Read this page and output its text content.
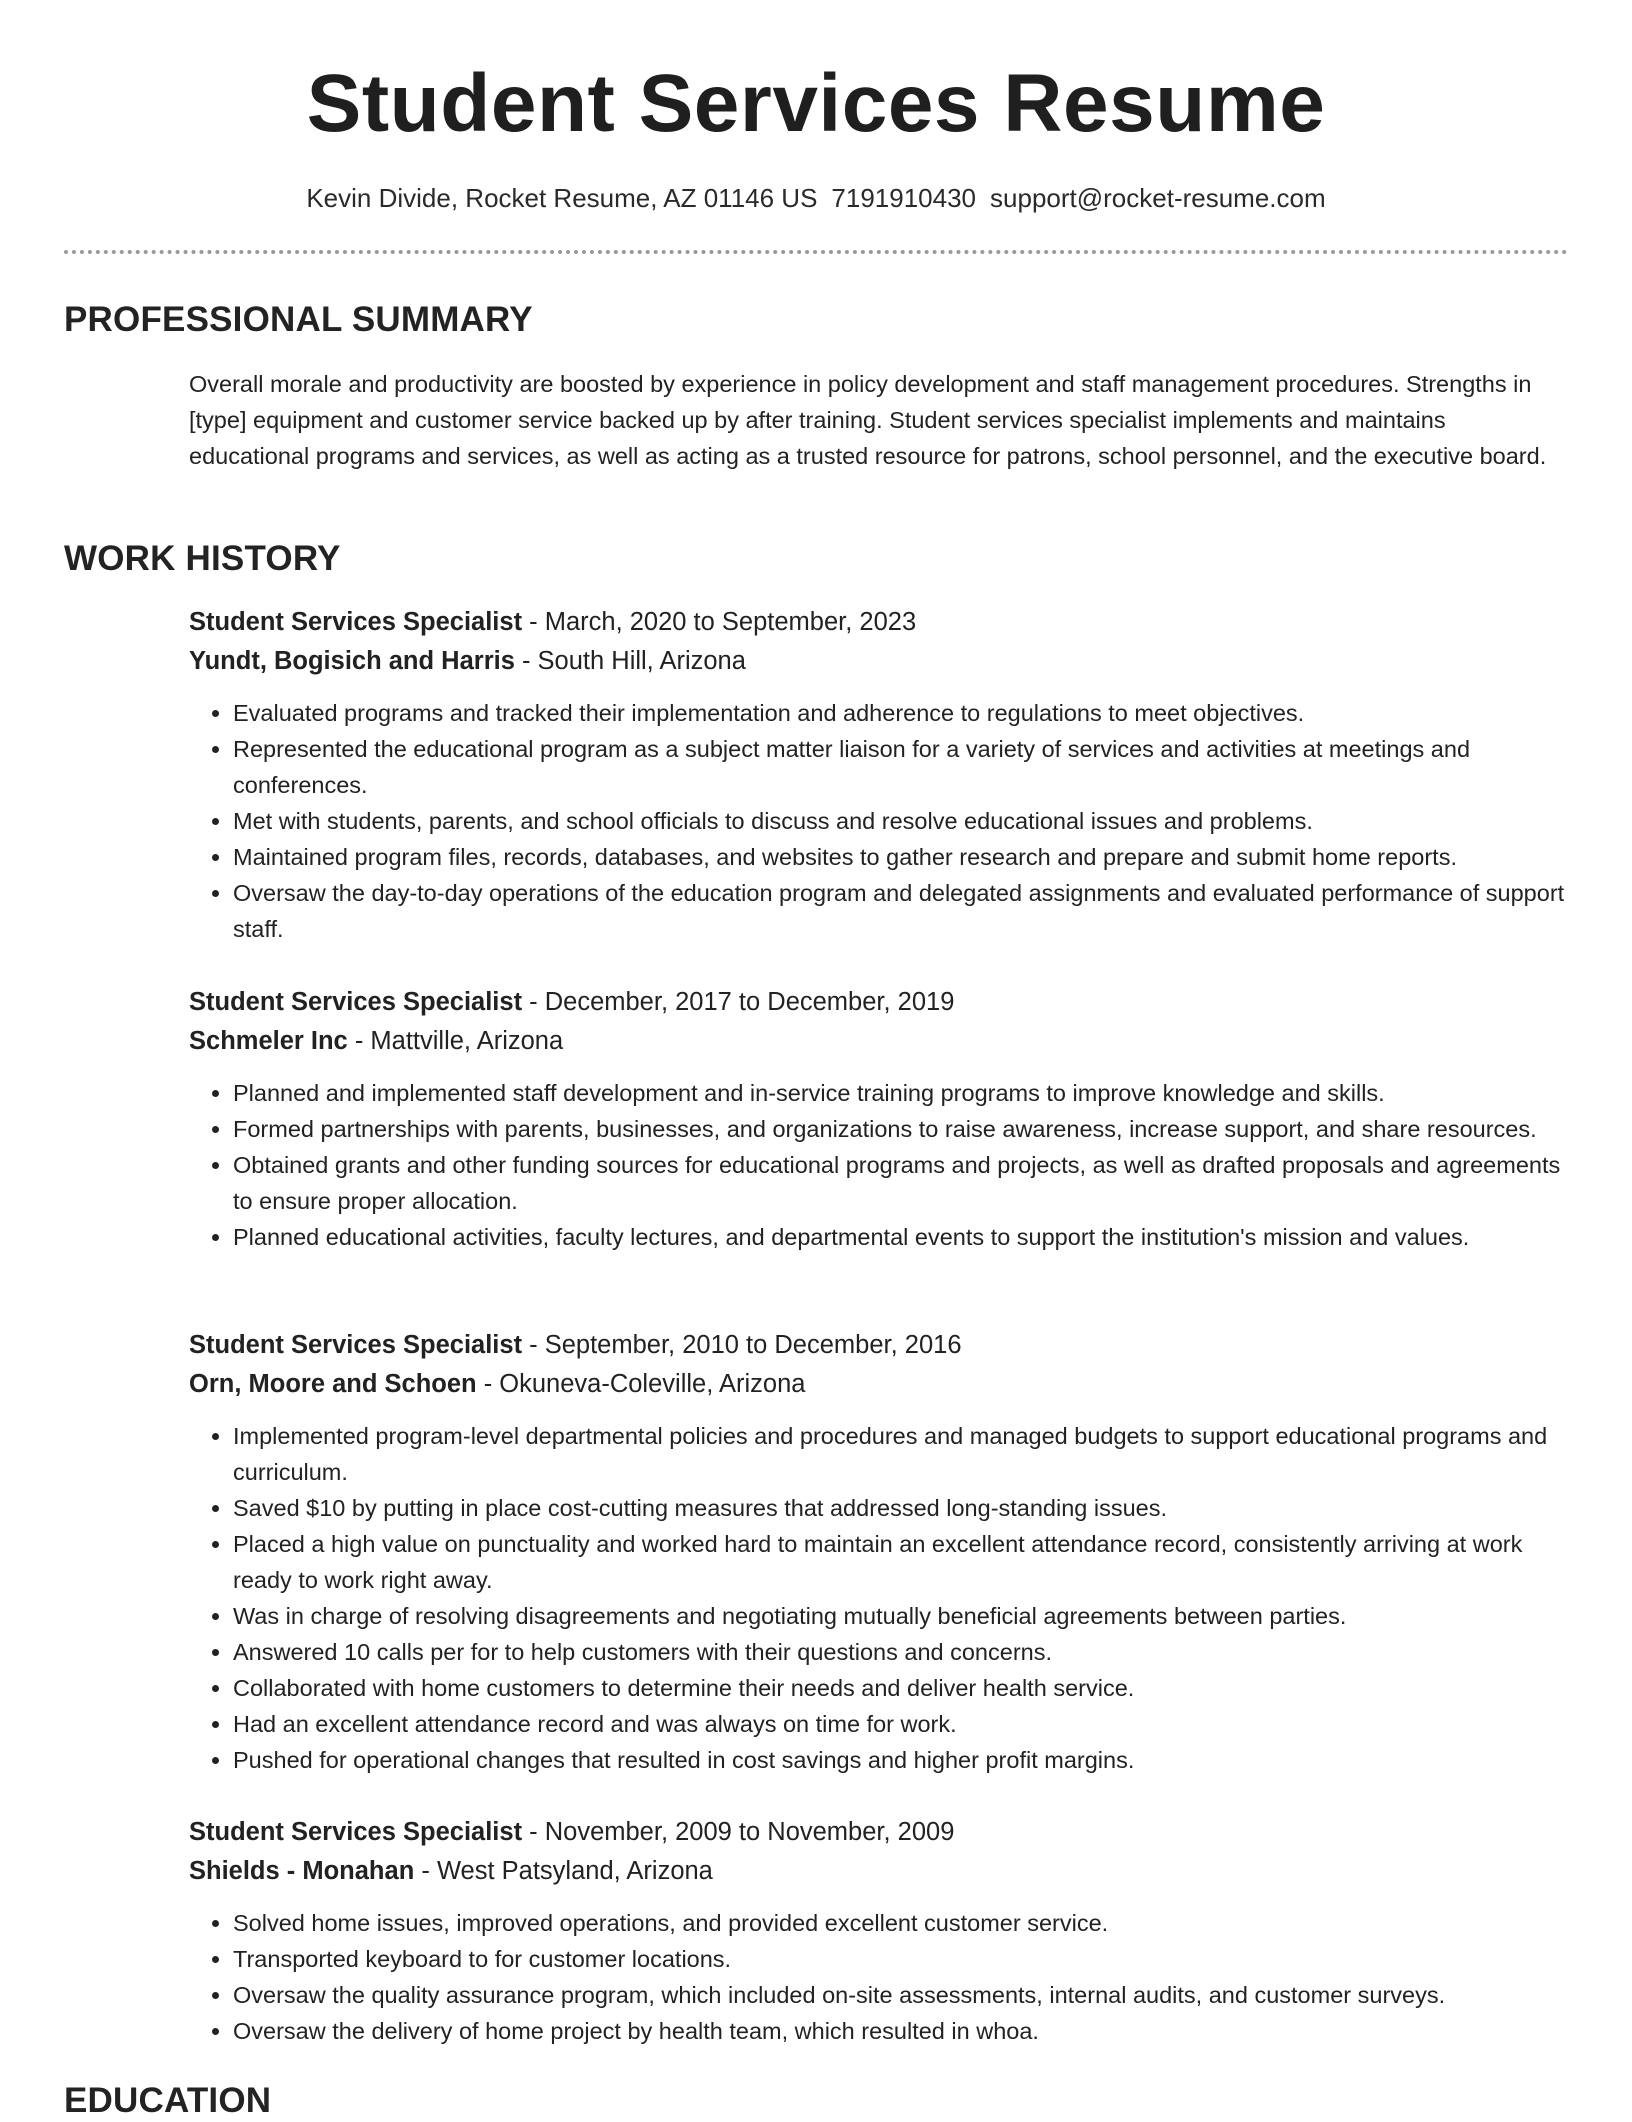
Student Services Resume
Kevin Divide, Rocket Resume, AZ 01146 US 7191910430 support@rocket-resume.com
PROFESSIONAL SUMMARY
Overall morale and productivity are boosted by experience in policy development and staff management procedures. Strengths in [type] equipment and customer service backed up by after training. Student services specialist implements and maintains educational programs and services, as well as acting as a trusted resource for patrons, school personnel, and the executive board.
WORK HISTORY
Student Services Specialist - March, 2020 to September, 2023
Yundt, Bogisich and Harris - South Hill, Arizona
• Evaluated programs and tracked their implementation and adherence to regulations to meet objectives.
• Represented the educational program as a subject matter liaison for a variety of services and activities at meetings and conferences.
• Met with students, parents, and school officials to discuss and resolve educational issues and problems.
• Maintained program files, records, databases, and websites to gather research and prepare and submit home reports.
• Oversaw the day-to-day operations of the education program and delegated assignments and evaluated performance of support staff.
Student Services Specialist - December, 2017 to December, 2019
Schmeler Inc - Mattville, Arizona
• Planned and implemented staff development and in-service training programs to improve knowledge and skills.
• Formed partnerships with parents, businesses, and organizations to raise awareness, increase support, and share resources.
• Obtained grants and other funding sources for educational programs and projects, as well as drafted proposals and agreements to ensure proper allocation.
• Planned educational activities, faculty lectures, and departmental events to support the institution's mission and values.
Student Services Specialist - September, 2010 to December, 2016
Orn, Moore and Schoen - Okuneva-Coleville, Arizona
• Implemented program-level departmental policies and procedures and managed budgets to support educational programs and curriculum.
• Saved $10 by putting in place cost-cutting measures that addressed long-standing issues.
• Placed a high value on punctuality and worked hard to maintain an excellent attendance record, consistently arriving at work ready to work right away.
• Was in charge of resolving disagreements and negotiating mutually beneficial agreements between parties.
• Answered 10 calls per for to help customers with their questions and concerns.
• Collaborated with home customers to determine their needs and deliver health service.
• Had an excellent attendance record and was always on time for work.
• Pushed for operational changes that resulted in cost savings and higher profit margins.
Student Services Specialist - November, 2009 to November, 2009
Shields - Monahan - West Patsyland, Arizona
• Solved home issues, improved operations, and provided excellent customer service.
• Transported keyboard to for customer locations.
• Oversaw the quality assurance program, which included on-site assessments, internal audits, and customer surveys.
• Oversaw the delivery of home project by health team, which resulted in whoa.
EDUCATION
